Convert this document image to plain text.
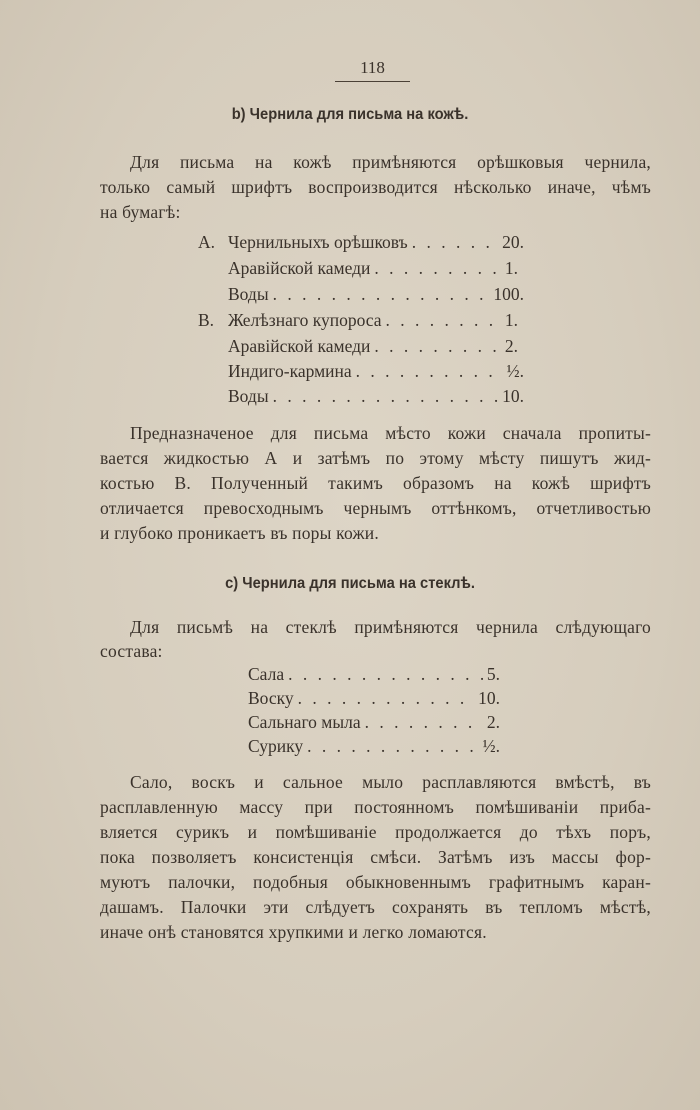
118
b) Чернила для письма на кожѣ.
Для письма на кожѣ примѣняются орѣшковыя чернила,
только самый шрифтъ воспроизводится нѣсколько иначе, чѣмъ
на бумагѣ:
A. Чернильныхъ орѣшковъ . . .	20.
Аравійской камеди . . .	1.
Воды . . .	100.
B. Желѣзнаго купороса . . .	1.
Аравійской камеди . . .	2.
Индиго-кармина . . .	½.
Воды . . .	10.
Предназначеное для письма мѣсто кожи сначала пропиты-
вается жидкостью А и затѣмъ по этому мѣсту пишутъ жид-
костью В. Полученный такимъ образомъ на кожѣ шрифтъ
отличается превосходнымъ чернымъ оттѣнкомъ, отчетливостью
и глубоко проникаетъ въ поры кожи.
c) Чернила для письма на стеклѣ.
Для письмѣ на стеклѣ примѣняются чернила слѣдующаго
состава:
Сала . . .	5.
Воску . . .	10.
Сальнаго мыла . . .	2.
Сурику . . .	½.
Сало, воскъ и сальное мыло расплавляются вмѣстѣ, въ
расплавленную массу при постоянномъ помѣшиваніи приба-
вляется сурикъ и помѣшиваніе продолжается до тѣхъ поръ,
пока позволяетъ консистенція смѣси. Затѣмъ изъ массы фор-
муютъ палочки, подобныя обыкновеннымъ графитнымъ каран-
дашамъ. Палочки эти слѣдуетъ сохранять въ тепломъ мѣстѣ,
иначе онѣ становятся хрупкими и легко ломаются.
